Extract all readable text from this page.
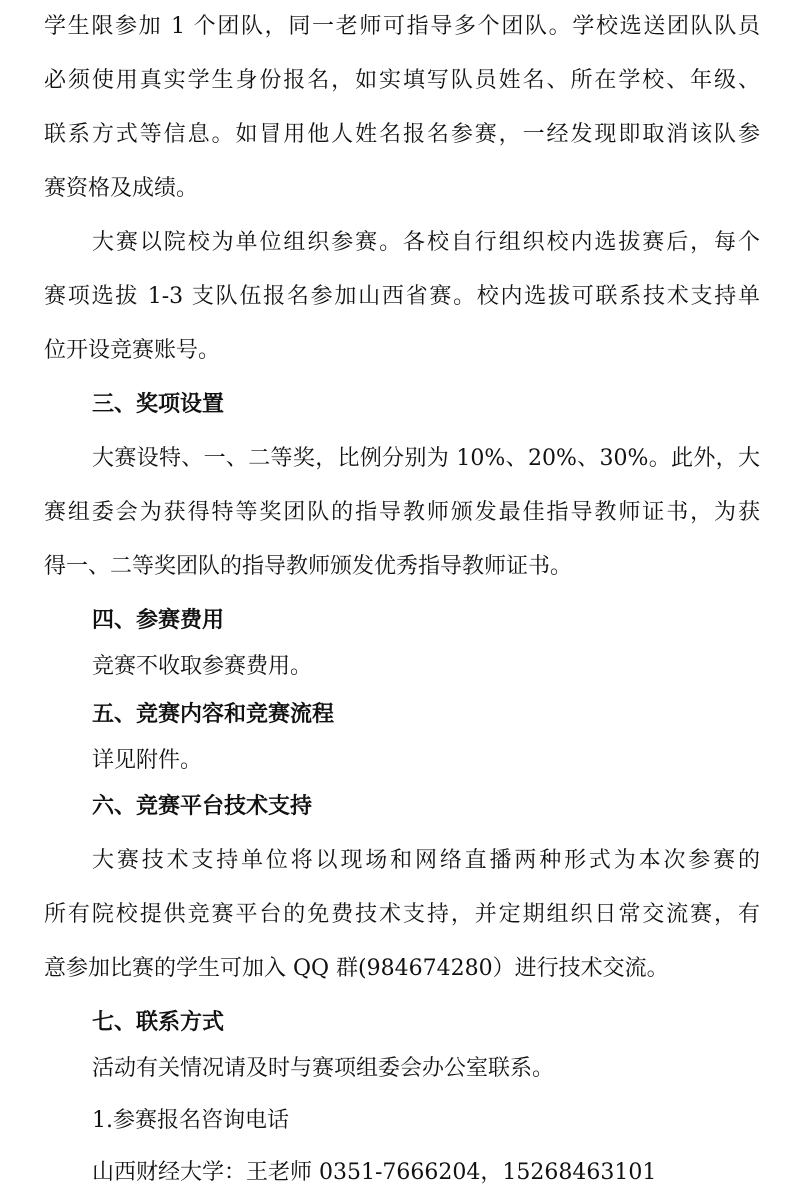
学生限参加 1 个团队，同一老师可指导多个团队。学校选送团队队员
必须使用真实学生身份报名，如实填写队员姓名、所在学校、年级、
联系方式等信息。如冒用他人姓名报名参赛，一经发现即取消该队参
赛资格及成绩。
大赛以院校为单位组织参赛。各校自行组织校内选拔赛后，每个
赛项选拔 1-3 支队伍报名参加山西省赛。校内选拔可联系技术支持单
位开设竞赛账号。
三、奖项设置
大赛设特、一、二等奖，比例分别为 10%、20%、30%。此外，大
赛组委会为获得特等奖团队的指导教师颁发最佳指导教师证书，为获
得一、二等奖团队的指导教师颁发优秀指导教师证书。
四、参赛费用
竞赛不收取参赛费用。
五、竞赛内容和竞赛流程
详见附件。
六、竞赛平台技术支持
大赛技术支持单位将以现场和网络直播两种形式为本次参赛的
所有院校提供竞赛平台的免费技术支持，并定期组织日常交流赛，有
意参加比赛的学生可加入 QQ 群(984674280）进行技术交流。
七、联系方式
活动有关情况请及时与赛项组委会办公室联系。
1.参赛报名咨询电话
山西财经大学：王老师 0351-7666204，15268463101
